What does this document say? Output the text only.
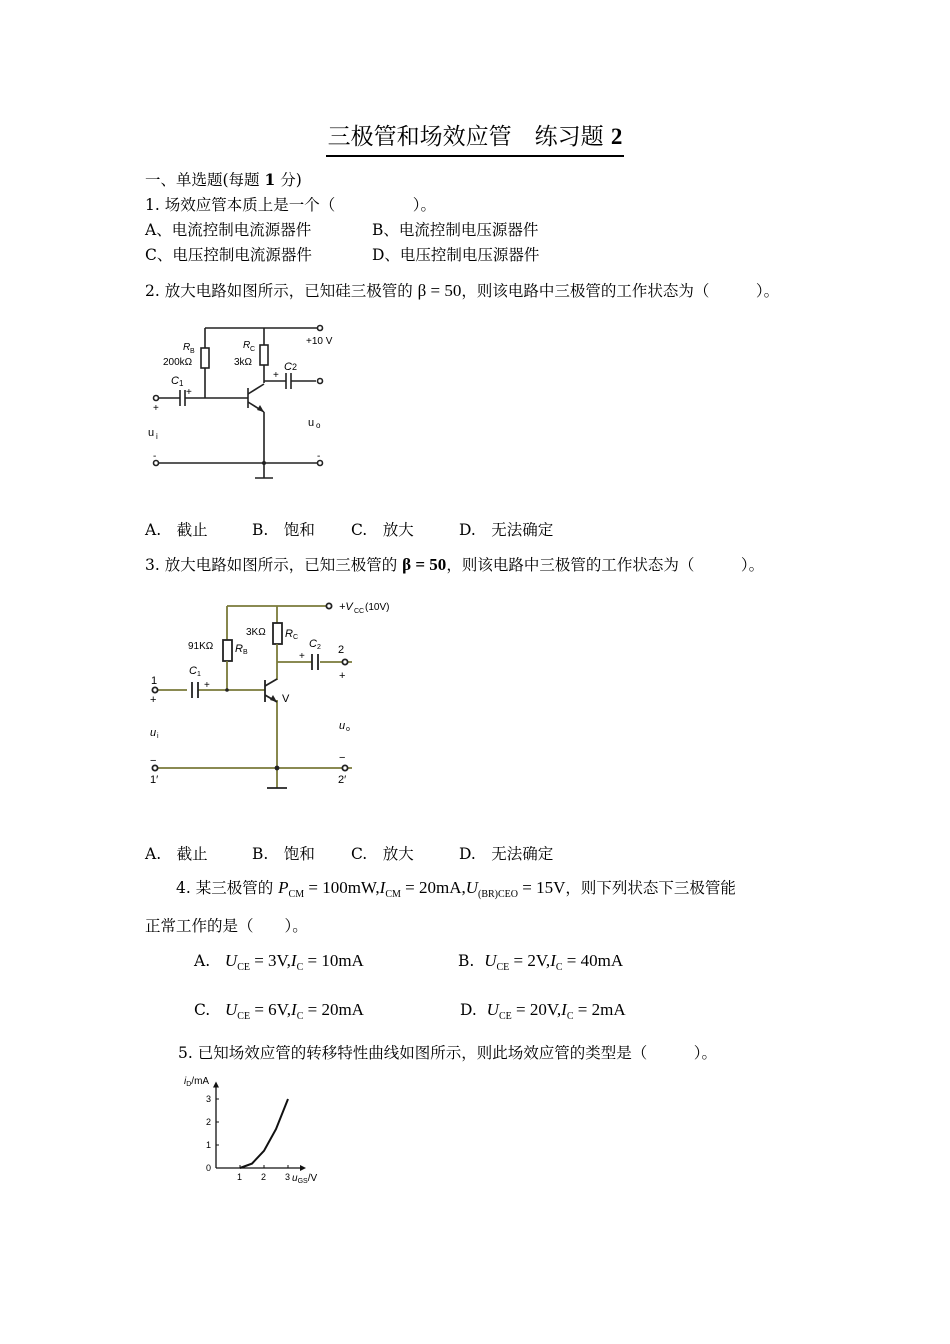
三极管和场效应管　练习题 2
一、单选题(每题 1 分)
1. 场效应管本质上是一个（　　　　　）。
A、电流控制电流源器件	B、电流控制电压源器件
C、电压控制电流源器件	D、电压控制电压源器件
2. 放大电路如图所示，已知硅三极管的 β = 50，则该电路中三极管的工作状态为（　　　）。
R B
200kΩ
R C
3kΩ
+10 V
C 2
+
C 1
+
+
u i
u o
-	-
A.　截止	B.　饱和 C.　放大	D.　无法确定
3. 放大电路如图所示，已知三极管的 β = 50，则该电路中三极管的工作状态为（　　　）。
+V CC (10V)
91KΩ R B
3KΩ R C
C 2
+
2
+
C 1
+
1
+	V
u i
u o
−	−
1′	2′
A.　截止	B.　饱和 C.　放大	D.　无法确定
4. 某三极管的 $P_{CM} = 100mW,I_{CM} = 20mA,U_{(BR)CEO} = 15V$，则下列状态下三极管能
正常工作的是（　　）。
A. $U_{CE} = 3V,I_C = 10mA$	B. $U_{CE} = 2V,I_C = 40mA$
C. $U_{CE} = 6V,I_C = 20mA$	D. $U_{CE} = 20V,I_C = 2mA$
5. 已知场效应管的转移特性曲线如图所示，则此场效应管的类型是（　　　）。
1 2 3
0
1
2
3
$i_D/mA$
$u_{GS}/V$
